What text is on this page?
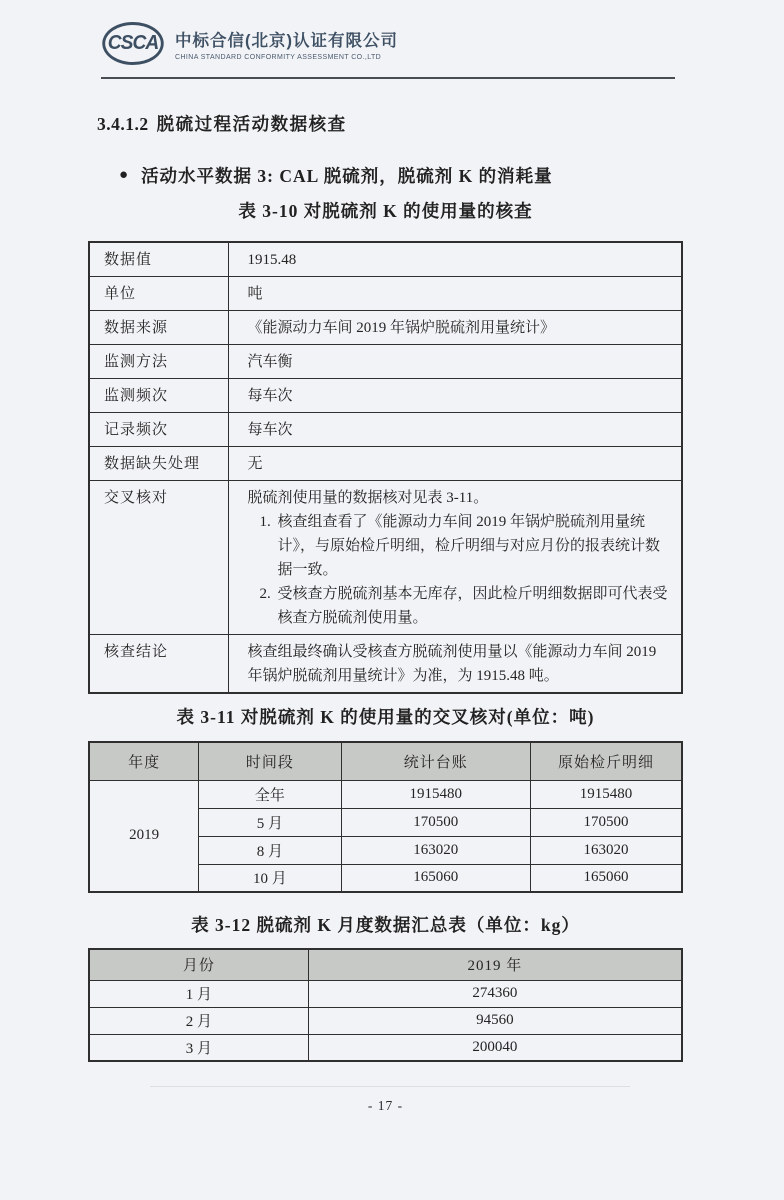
CSCA 中标合信(北京)认证有限公司
CHINA STANDARD CONFORMITY ASSESSMENT CO.,LTD
3.4.1.2 脱硫过程活动数据核查
● 活动水平数据 3: CAL 脱硫剂，脱硫剂 K 的消耗量
表 3-10 对脱硫剂 K 的使用量的核查
数据值	1915.48
单位	吨
数据来源	《能源动力车间 2019 年锅炉脱硫剂用量统计》
监测方法	汽车衡
监测频次	每车次
记录频次	每车次
数据缺失处理	无
交叉核对	脱硫剂使用量的数据核对见表 3-11。
1. 核查组查看了《能源动力车间 2019 年锅炉脱硫剂用量统计》，与原始检斤明细，检斤明细与对应月份的报表统计数据一致。
2. 受核查方脱硫剂基本无库存，因此检斤明细数据即可代表受核查方脱硫剂使用量。

核查结论	核查组最终确认受核查方脱硫剂使用量以《能源动力车间 2019 年锅炉脱硫剂用量统计》为准，为 1915.48 吨。
表 3-11 对脱硫剂 K 的使用量的交叉核对(单位：吨)
年度	时间段	统计台账	原始检斤明细
2019	全年	1915480	1915480
	5 月	170500	170500
	8 月	163020	163020
	10 月	165060	165060
表 3-12 脱硫剂 K 月度数据汇总表（单位：kg）
月份	2019 年
1 月	274360
2 月	94560
3 月	200040
- 17 -
